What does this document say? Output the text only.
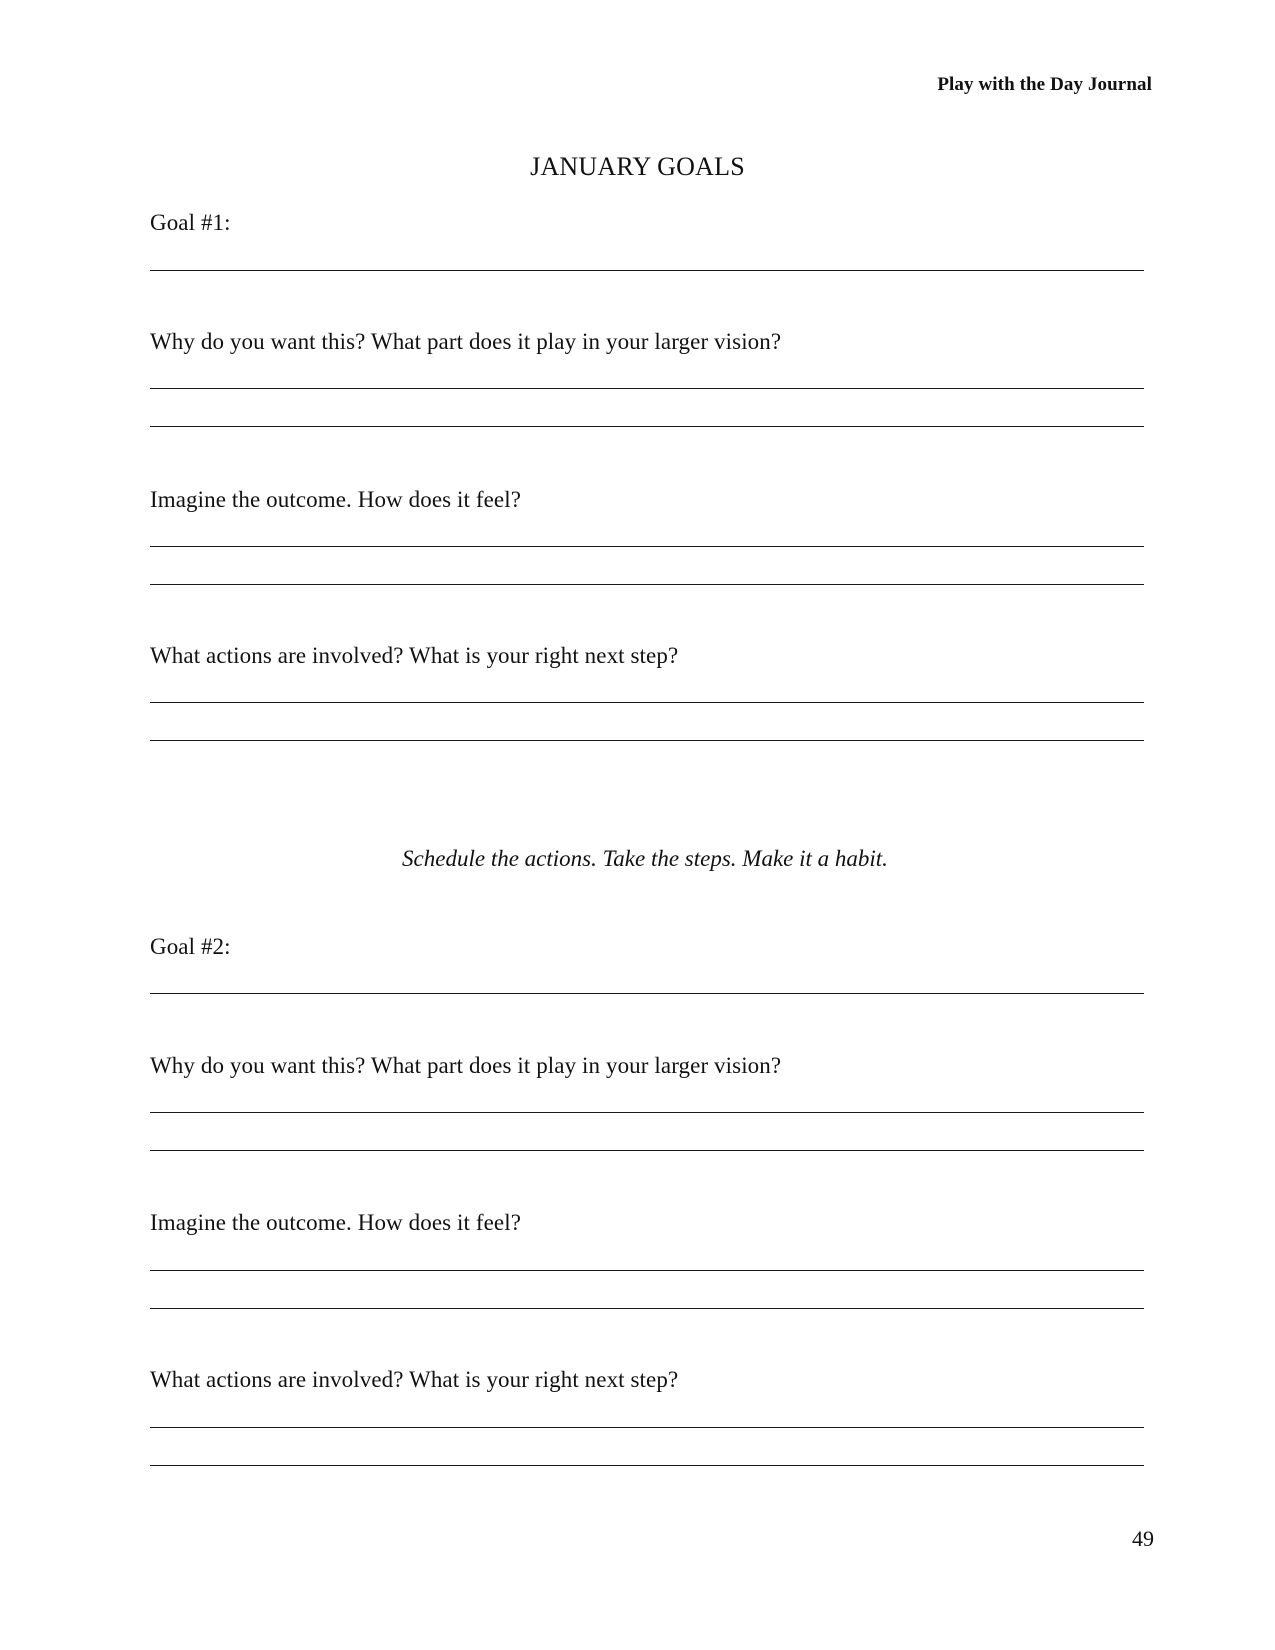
Play with the Day Journal
JANUARY GOALS
Goal #1:
Why do you want this? What part does it play in your larger vision?
Imagine the outcome. How does it feel?
What actions are involved? What is your right next step?
Schedule the actions. Take the steps. Make it a habit.
Goal #2:
Why do you want this? What part does it play in your larger vision?
Imagine the outcome. How does it feel?
What actions are involved? What is your right next step?
49
